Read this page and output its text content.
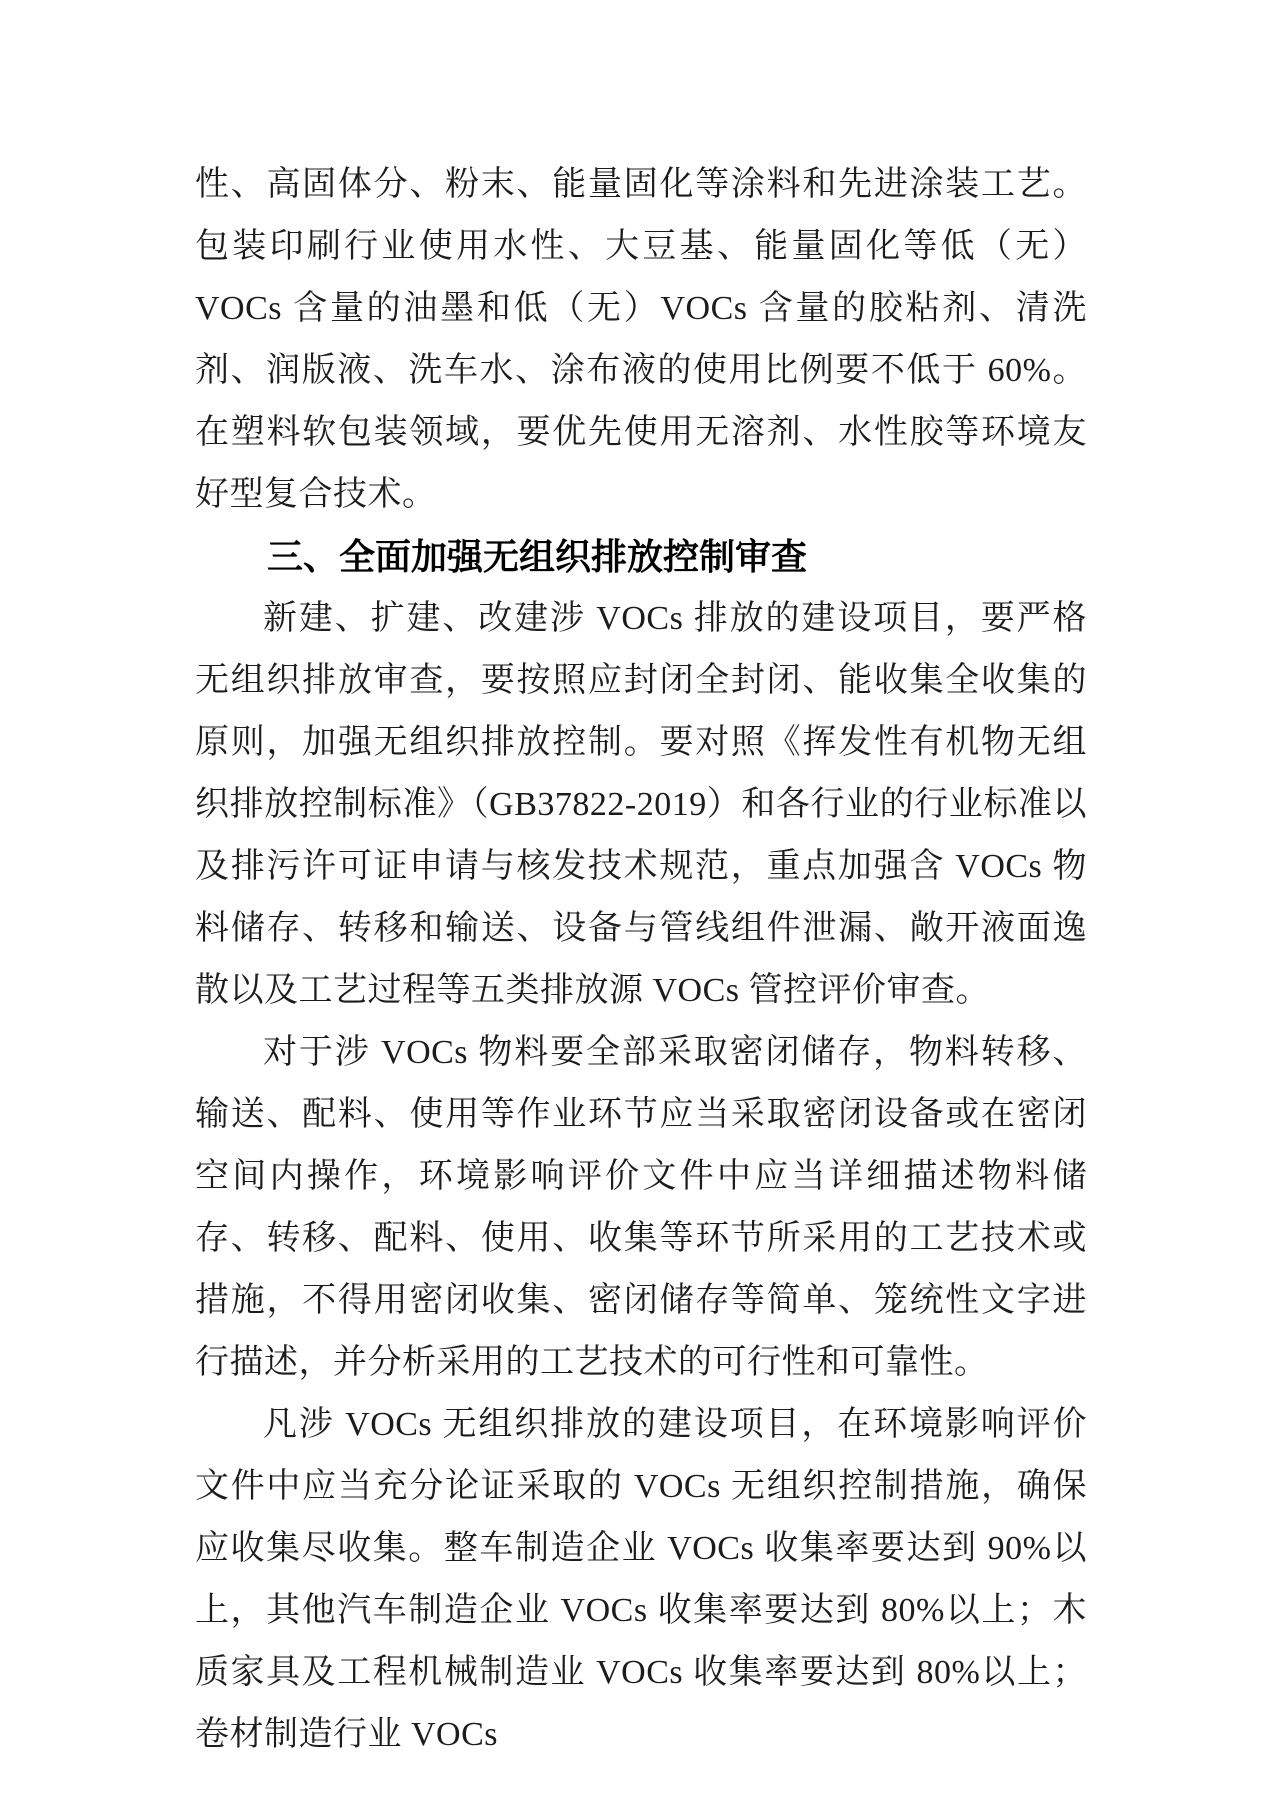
性、高固体分、粉末、能量固化等涂料和先进涂装工艺。包装印刷行业使用水性、大豆基、能量固化等低（无）VOCs 含量的油墨和低（无）VOCs 含量的胶粘剂、清洗剂、润版液、洗车水、涂布液的使用比例要不低于 60%。在塑料软包装领域，要优先使用无溶剂、水性胶等环境友好型复合技术。

三、全面加强无组织排放控制审查

新建、扩建、改建涉 VOCs 排放的建设项目，要严格无组织排放审查，要按照应封闭全封闭、能收集全收集的原则，加强无组织排放控制。要对照《挥发性有机物无组织排放控制标准》（GB37822-2019）和各行业的行业标准以及排污许可证申请与核发技术规范，重点加强含 VOCs 物料储存、转移和输送、设备与管线组件泄漏、敞开液面逸散以及工艺过程等五类排放源 VOCs 管控评价审查。

对于涉 VOCs 物料要全部采取密闭储存，物料转移、输送、配料、使用等作业环节应当采取密闭设备或在密闭空间内操作，环境影响评价文件中应当详细描述物料储存、转移、配料、使用、收集等环节所采用的工艺技术或措施，不得用密闭收集、密闭储存等简单、笼统性文字进行描述，并分析采用的工艺技术的可行性和可靠性。

凡涉 VOCs 无组织排放的建设项目，在环境影响评价文件中应当充分论证采取的 VOCs 无组织控制措施，确保应收集尽收集。整车制造企业 VOCs 收集率要达到 90%以上，其他汽车制造企业 VOCs 收集率要达到 80%以上；木质家具及工程机械制造业 VOCs 收集率要达到 80%以上；卷材制造行业 VOCs
